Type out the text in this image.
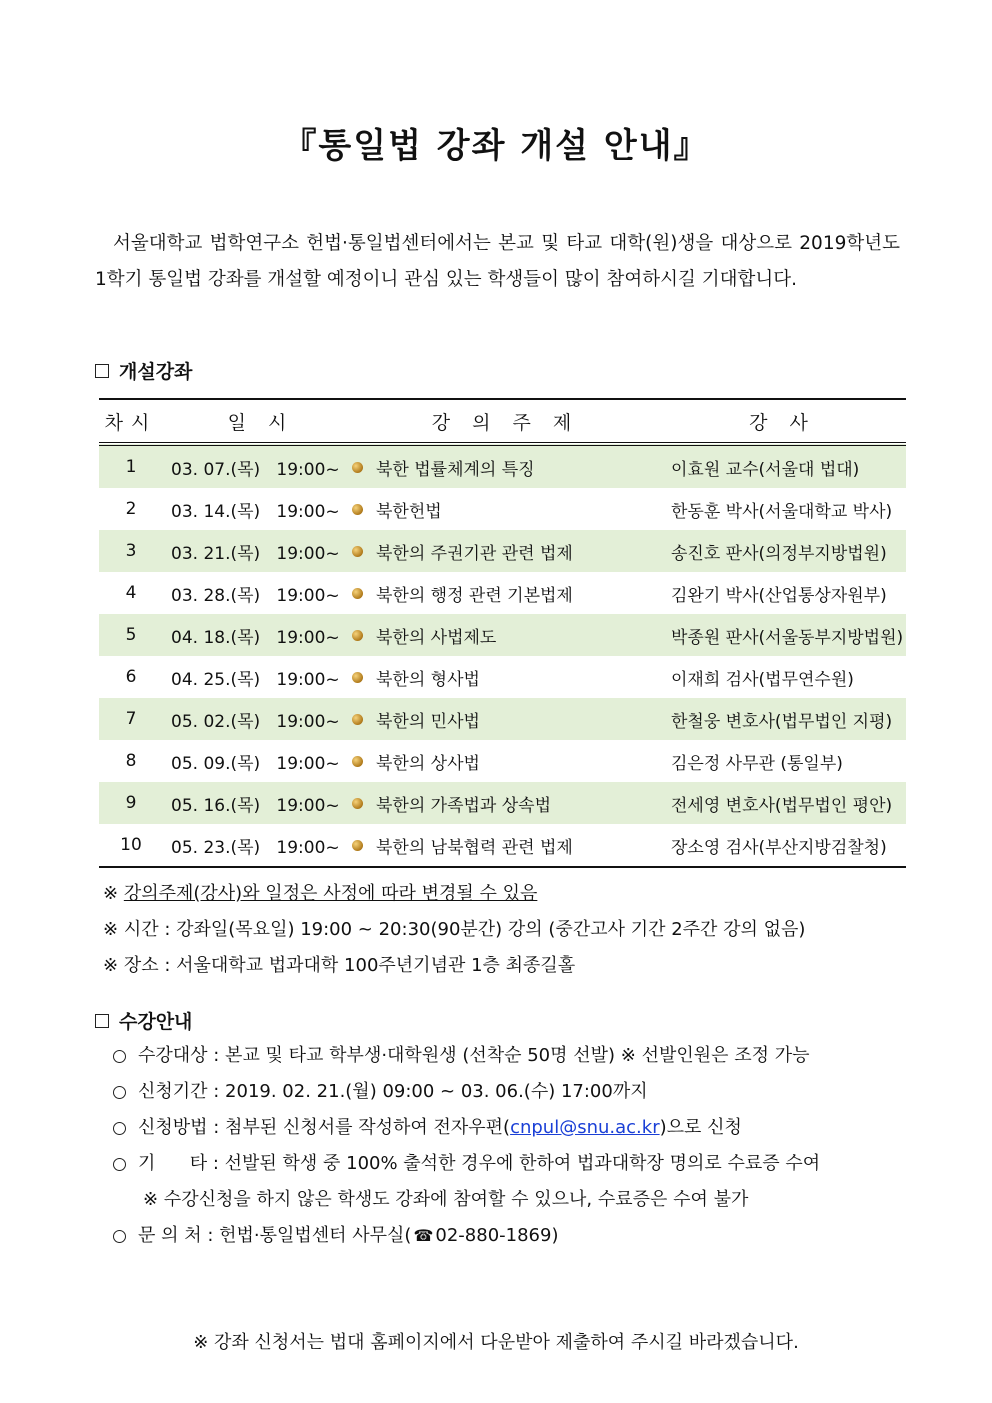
『통일법 강좌 개설 안내』

서울대학교 법학연구소 헌법·통일법센터에서는 본교 및 타교 대학(원)생을 대상으로 2019학년도 1학기 통일법 강좌를 개설할 예정이니 관심 있는 학생들이 많이 참여하시길 기대합니다.

개설강좌
차시	일 시	강 의 주 제	강 사
1	03. 07.(목) 19:00~	북한 법률체계의 특징	이효원 교수(서울대 법대)
2	03. 14.(목) 19:00~	북한헌법	한동훈 박사(서울대학교 박사)
3	03. 21.(목) 19:00~	북한의 주권기관 관련 법제	송진호 판사(의정부지방법원)
4	03. 28.(목) 19:00~	북한의 행정 관련 기본법제	김완기 박사(산업통상자원부)
5	04. 18.(목) 19:00~	북한의 사법제도	박종원 판사(서울동부지방법원)
6	04. 25.(목) 19:00~	북한의 형사법	이재희 검사(법무연수원)
7	05. 02.(목) 19:00~	북한의 민사법	한철웅 변호사(법무법인 지평)
8	05. 09.(목) 19:00~	북한의 상사법	김은정 사무관 (통일부)
9	05. 16.(목) 19:00~	북한의 가족법과 상속법	전세영 변호사(법무법인 평안)
10	05. 23.(목) 19:00~	북한의 남북협력 관련 법제	장소영 검사(부산지방검찰청)
※ 강의주제(강사)와 일정은 사정에 따라 변경될 수 있음
※ 시간 : 강좌일(목요일) 19:00 ~ 20:30(90분간) 강의 (중간고사 기간 2주간 강의 없음)
※ 장소 : 서울대학교 법과대학 100주년기념관 1층 최종길홀
수강안내
수강대상 : 본교 및 타교 학부생·대학원생 (선착순 50명 선발) ※ 선발인원은 조정 가능
신청기간 : 2019. 02. 21.(월) 09:00 ~ 03. 06.(수) 17:00까지
신청방법 : 첨부된 신청서를 작성하여 전자우편( cnpul@snu.ac.kr )으로 신청
기      타 : 선발된 학생 중 100% 출석한 경우에 한하여 법과대학장 명의로 수료증 수여
※ 수강신청을 하지 않은 학생도 강좌에 참여할 수 있으나, 수료증은 수여 불가
문 의 처 : 헌법·통일법센터 사무실( ☎ 02-880-1869 )
※ 강좌 신청서는 법대 홈페이지에서 다운받아 제출하여 주시길 바라겠습니다.
